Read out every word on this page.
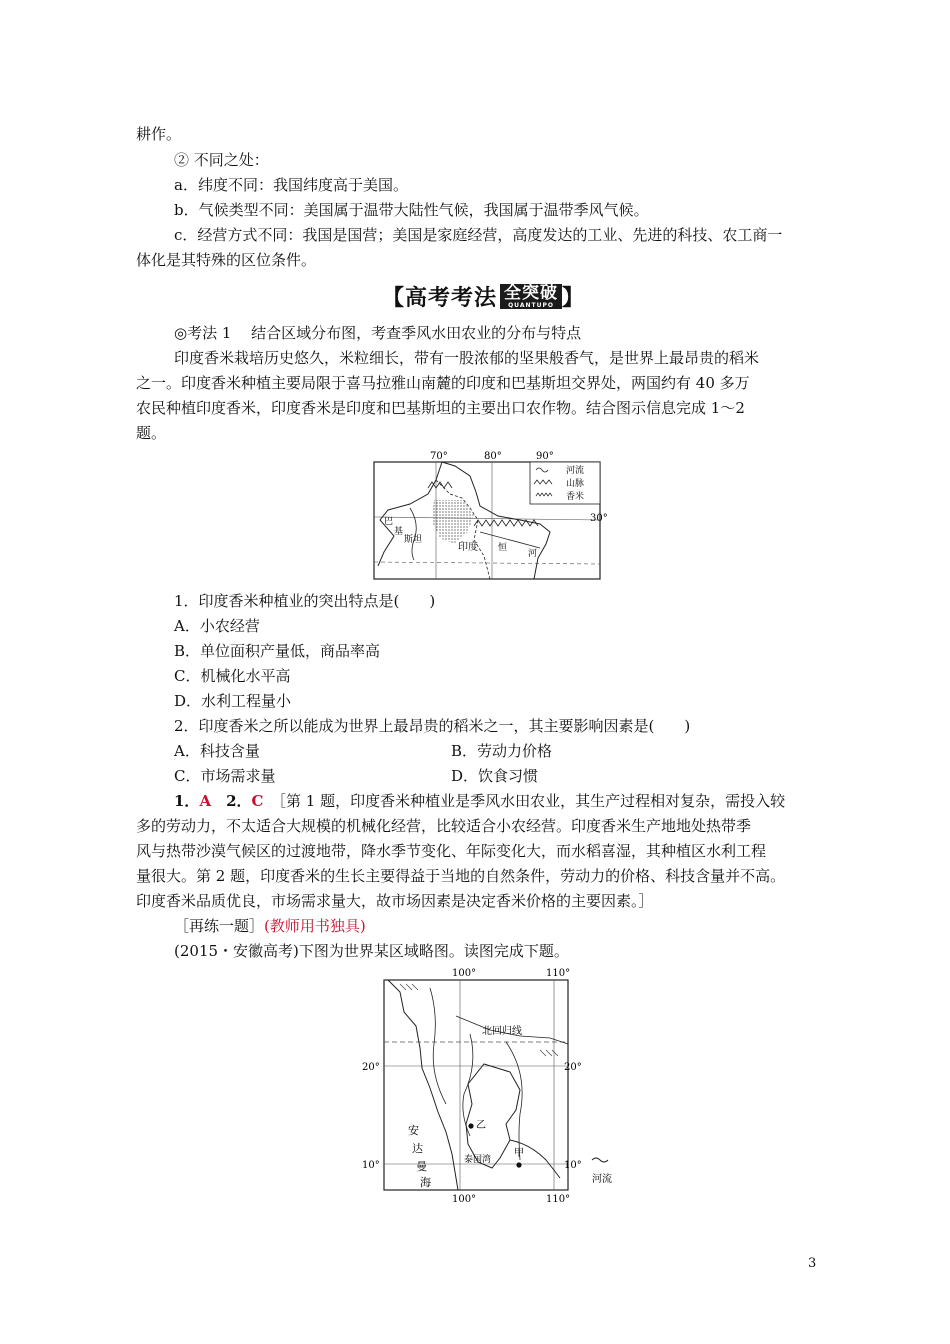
耕作。
② 不同之处：
a．纬度不同：我国纬度高于美国。
b．气候类型不同：美国属于温带大陆性气候，我国属于温带季风气候。
c．经营方式不同：我国是国营；美国是家庭经营，高度发达的工业、先进的科技、农工商一
体化是其特殊的区位条件。
【 高考考法 全突破
QUANTUPO 】
◎考法 1　 结合区域分布图，考查季风水田农业的分布与特点
印度香米栽培历史悠久，米粒细长，带有一股浓郁的坚果般香气，是世界上最昂贵的稻米
之一。印度香米种植主要局限于喜马拉雅山南麓的印度和巴基斯坦交界处，两国约有 40 多万
农民种植印度香米，印度香米是印度和巴基斯坦的主要出口农作物。结合图示信息完成 1～2
题。
河流
山脉
香米
70°	80°	90°
30°
巴
基
斯坦
印度 恒
河
1．印度香米种植业的突出特点是(　　)
A．小农经营
B．单位面积产量低，商品率高
C．机械化水平高
D．水利工程量小
2．印度香米之所以能成为世界上最昂贵的稻米之一，其主要影响因素是(　　)
A．科技含量	B．劳动力价格
C．市场需求量	D．饮食习惯
1．A　 2．C　 ［第 1 题，印度香米种植业是季风水田农业，其生产过程相对复杂，需投入较
多的劳动力，不太适合大规模的机械化经营，比较适合小农经营。印度香米生产地地处热带季
风与热带沙漠气候区的过渡地带，降水季节变化、年际变化大，而水稻喜湿，其种植区水利工程
量很大。第 2 题，印度香米的生长主要得益于当地的自然条件，劳动力的价格、科技含量并不高。
印度香米品质优良，市场需求量大，故市场因素是决定香米价格的主要因素。］
［再练一题］(教师用书独具)
(2015・安徽高考)下图为世界某区域略图。读图完成下题。
100°	110°
100°	110°
20°	20°
10°	10°
北回归线
安
达
曼
海
泰国湾
乙
甲
河流
3
